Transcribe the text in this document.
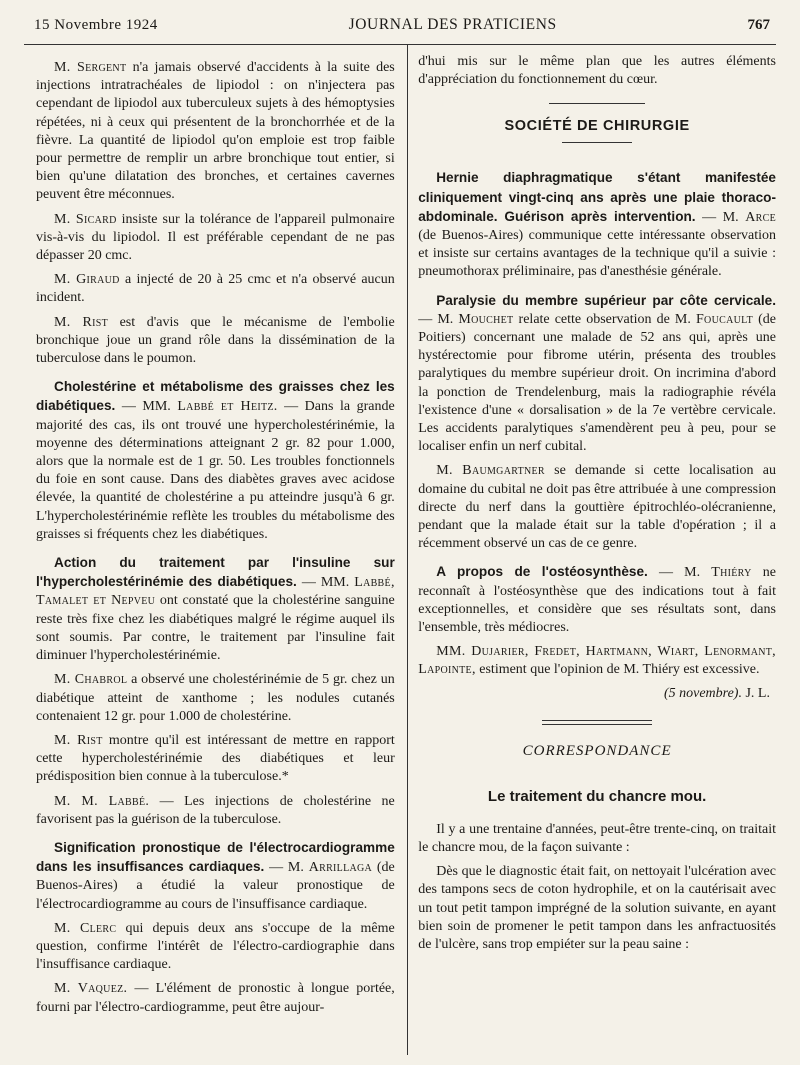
15 Novembre 1924	JOURNAL DES PRATICIENS	767

M. Sergent n'a jamais observé d'accidents à la suite des injections intratrachéales de lipiodol : on n'injectera pas cependant de lipiodol aux tuberculeux sujets à des hémoptysies répétées, ni à ceux qui présentent de la bronchorrhée et de la fièvre. La quantité de lipiodol qu'on emploie est trop faible pour permettre de remplir un arbre bronchique tout entier, si bien qu'une dilatation des bronches, et certaines cavernes peuvent être méconnues.

M. Sicard insiste sur la tolérance de l'appareil pulmonaire vis-à-vis du lipiodol. Il est préférable cependant de ne pas dépasser 20 cmc.

M. Giraud a injecté de 20 à 25 cmc et n'a observé aucun incident.

M. Rist est d'avis que le mécanisme de l'embolie bronchique joue un grand rôle dans la dissémination de la tuberculose dans le poumon.

Cholestérine et métabolisme des graisses chez les diabétiques. — MM. Labbé et Heitz. — Dans la grande majorité des cas, ils ont trouvé une hypercholestérinémie, la moyenne des déterminations atteignant 2 gr. 82 pour 1.000, alors que la normale est de 1 gr. 50. Les troubles fonctionnels du foie en sont cause. Dans des diabètes graves avec acidose élevée, la quantité de cholestérine a pu atteindre jusqu'à 6 gr. L'hypercholestérinémie reflète les troubles du métabolisme des graisses si fréquents chez les diabétiques.

Action du traitement par l'insuline sur l'hypercholestérinémie des diabétiques. — MM. Labbé, Tamalet et Nepveu ont constaté que la cholestérine sanguine reste très fixe chez les diabétiques malgré le régime auquel ils sont soumis. Par contre, le traitement par l'insuline fait diminuer l'hypercholestérinémie.

M. Chabrol a observé une cholestérinémie de 5 gr. chez un diabétique atteint de xanthome ; les nodules cutanés contenaient 12 gr. pour 1.000 de cholestérine.

M. Rist montre qu'il est intéressant de mettre en rapport cette hypercholestérinémie des diabétiques et leur prédisposition bien connue à la tuberculose.*

M. M. Labbé. — Les injections de cholestérine ne favorisent pas la guérison de la tuberculose.

Signification pronostique de l'électrocardiogramme dans les insuffisances cardiaques. — M. Arrillaga (de Buenos-Aires) a étudié la valeur pronostique de l'électrocardiogramme au cours de l'insuffisance cardiaque.

M. Clerc qui depuis deux ans s'occupe de la même question, confirme l'intérêt de l'électro-cardiographie dans l'insuffisance cardiaque.

M. Vaquez. — L'élément de pronostic à longue portée, fourni par l'électro-cardiogramme, peut être aujour-

d'hui mis sur le même plan que les autres éléments d'appréciation du fonctionnement du cœur.

SOCIÉTÉ DE CHIRURGIE

Hernie diaphragmatique s'étant manifestée cliniquement vingt-cinq ans après une plaie thoraco-abdominale. Guérison après intervention. — M. Arce (de Buenos-Aires) communique cette intéressante observation et insiste sur certains avantages de la technique qu'il a suivie : pneumothorax préliminaire, pas d'anesthésie générale.

Paralysie du membre supérieur par côte cervicale. — M. Mouchet relate cette observation de M. Foucault (de Poitiers) concernant une malade de 52 ans qui, après une hystérectomie pour fibrome utérin, présenta des troubles paralytiques du membre supérieur droit. On incrimina d'abord la ponction de Trendelenburg, mais la radiographie révéla l'existence d'une « dorsalisation » de la 7e vertèbre cervicale. Les accidents paralytiques s'amendèrent peu à peu, pour se localiser enfin un nerf cubital.

M. Baumgartner se demande si cette localisation au domaine du cubital ne doit pas être attribuée à une compression directe du nerf dans la gouttière épitrochléo-olécranienne, pendant que la malade était sur la table d'opération ; il a récemment observé un cas de ce genre.

A propos de l'ostéosynthèse. — M. Thiéry ne reconnaît à l'ostéosynthèse que des indications tout à fait exceptionnelles, et considère que ses résultats sont, dans l'ensemble, très médiocres.

MM. Dujarier, Fredet, Hartmann, Wiart, Lenormant, Lapointe, estiment que l'opinion de M. Thiéry est excessive.

(5 novembre). J. L.
CORRESPONDANCE
Le traitement du chancre mou.

Il y a une trentaine d'années, peut-être trente-cinq, on traitait le chancre mou, de la façon suivante :

Dès que le diagnostic était fait, on nettoyait l'ulcération avec des tampons secs de coton hydrophile, et on la cautérisait avec un tout petit tampon imprégné de la solution suivante, en ayant bien soin de promener le petit tampon dans les anfractuosités de l'ulcère, sans trop empiéter sur la peau saine :
